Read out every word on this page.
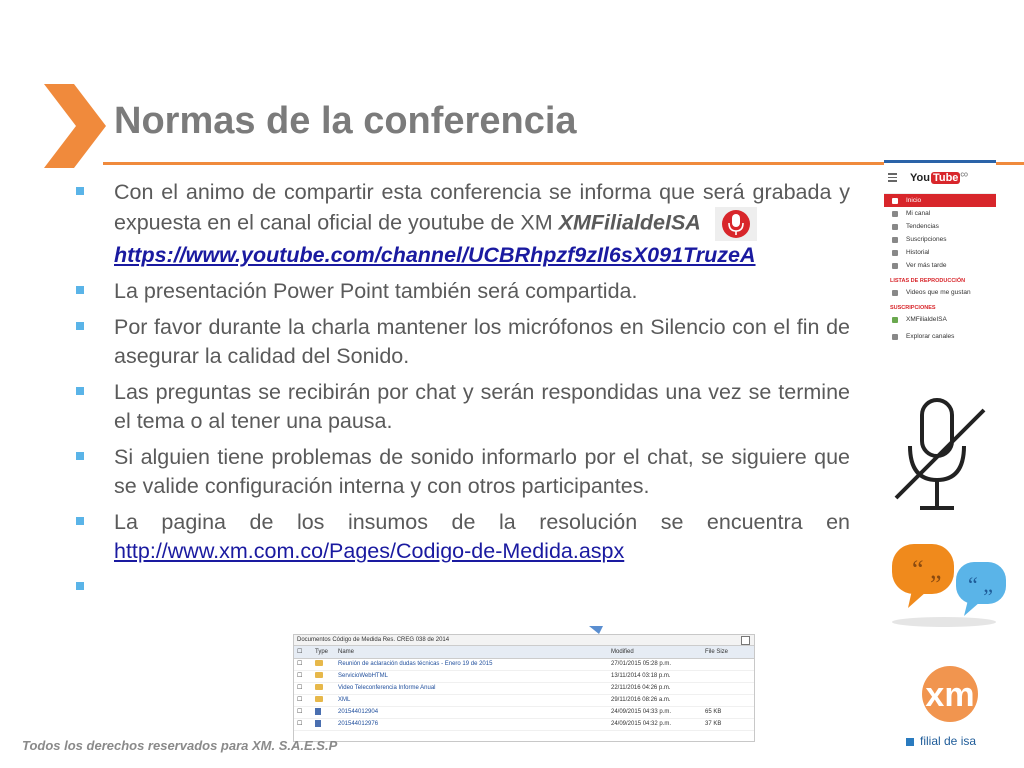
Normas de la conferencia
Con el animo de compartir esta conferencia se informa que será grabada y expuesta en el canal oficial de youtube de XM XMFilialdeISA
https://www.youtube.com/channel/UCBRhpzf9zIl6sX091TruzeA
La presentación Power Point también será compartida.
Por favor durante la charla mantener los micrófonos en Silencio con el fin de asegurar la calidad del Sonido.
Las preguntas se recibirán por chat y serán respondidas una vez se termine el tema o al tener una pausa.
Si alguien tiene problemas de sonido informarlo por el chat, se siguiere que se valide configuración interna y con otros participantes.
La pagina de los insumos de la resolución se encuentra en http://www.xm.com.co/Pages/Codigo-de-Medida.aspx
You Tube $^{CO}$
Inicio
Mi canal
Tendencias
Suscripciones
Historial
Ver más tarde
LISTAS DE REPRODUCCIÓN
Videos que me gustan
SUSCRIPCIONES
XMFilialdeISA
Explorar canales
“ „
“ „
Documentos Código de Medida Res. CREG 038 de 2014
☐ Type Name	Modified	File Size
☐	Reunión de aclaración dudas técnicas - Enero 19 de 2015	27/01/2015 05:28 p.m.
☐	ServicioWebHTML	13/11/2014 03:18 p.m.
☐	Video Teleconferencia Informe Anual	22/11/2016 04:26 p.m.
☐	XML	29/11/2016 08:26 a.m.
☐	201544012904	24/09/2015 04:33 p.m.	65 KB
☐	201544012976	24/09/2015 04:32 p.m.	37 KB
Todos los derechos reservados para XM. S.A.E.S.P
xm
filial de isa
